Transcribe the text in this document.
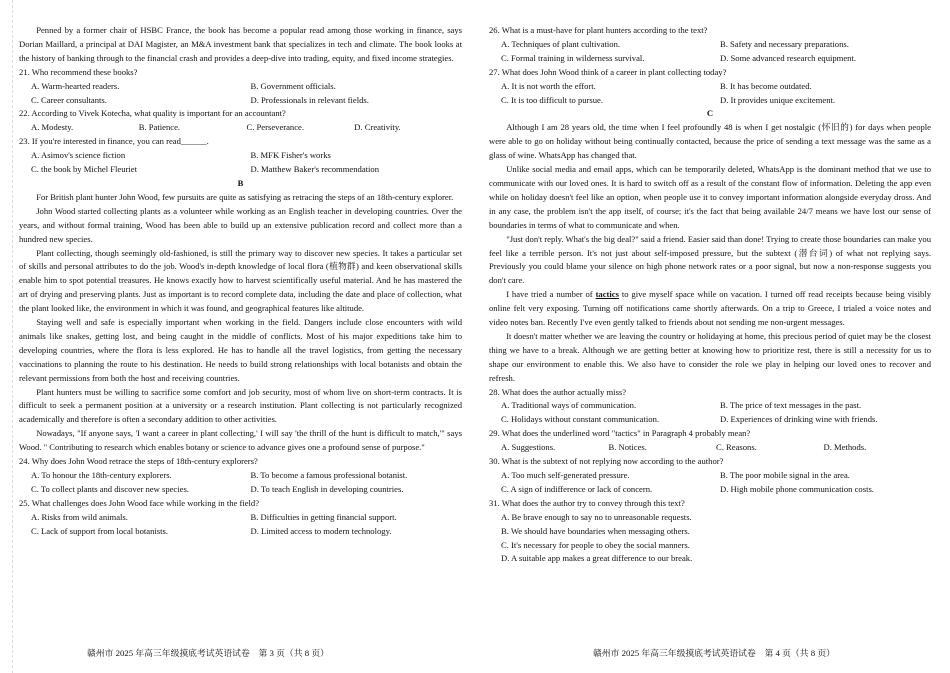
Penned by a former chair of HSBC France, the book has become a popular read among those working in finance, says Dorian Maillard, a principal at DAI Magister, an M&A investment bank that specializes in tech and climate. The book looks at the history of banking through to the financial crash and provides a deep-dive into trading, equity, and fixed income strategies.

21. Who recommend these books?

A. Warm-hearted readers.	B. Government officials.
C. Career consultants.	D. Professionals in relevant fields.

22. According to Vivek Kotecha, what quality is important for an accountant?

A. Modesty.	B. Patience.	C. Perseverance.	D. Creativity.

23. If you're interested in finance, you can read______.

A. Asimov's science fiction	B. MFK Fisher's works
C. the book by Michel Fleuriet	D. Matthew Baker's recommendation

B

For British plant hunter John Wood, few pursuits are quite as satisfying as retracing the steps of an 18th-century explorer.

John Wood started collecting plants as a volunteer while working as an English teacher in developing countries. Over the years, and without formal training, Wood has been able to build up an extensive publication record and collect more than a hundred new species.

Plant collecting, though seemingly old-fashioned, is still the primary way to discover new species. It takes a particular set of skills and personal attributes to do the job. Wood's in-depth knowledge of local flora (植物群) and keen observational skills enable him to spot potential treasures. He knows exactly how to harvest scientifically useful material. And he has mastered the art of drying and preserving plants. Just as important is to record complete data, including the date and place of collection, what the plant looked like, the environment in which it was found, and geographical features like altitude.

Staying well and safe is especially important when working in the field. Dangers include close encounters with wild animals like snakes, getting lost, and being caught in the middle of conflicts. Most of his major expeditions take him to developing countries, where the flora is less explored. He has to handle all the travel logistics, from getting the necessary vaccinations to planning the route to his destination. He needs to build strong relationships with local botanists and obtain the relevant permissions from both the host and receiving countries.

Plant hunters must be willing to sacrifice some comfort and job security, most of whom live on short-term contracts. It is difficult to seek a permanent position at a university or a research institution. Plant collecting is not particularly recognized academically and therefore is often a secondary addition to other activities.

Nowadays, "If anyone says, 'I want a career in plant collecting,' I will say 'the thrill of the hunt is difficult to match,'" says Wood. " Contributing to research which enables botany or science to advance gives one a profound sense of purpose."

24. Why does John Wood retrace the steps of 18th-century explorers?

A. To honour the 18th-century explorers.	B. To become a famous professional botanist.
C. To collect plants and discover new species.	D. To teach English in developing countries.

25. What challenges does John Wood face while working in the field?

A. Risks from wild animals.	B. Difficulties in getting financial support.
C. Lack of support from local botanists.	D. Limited access to modern technology.

26. What is a must-have for plant hunters according to the text?

A. Techniques of plant cultivation.	B. Safety and necessary preparations.
C. Formal training in wilderness survival.	D. Some advanced research equipment.

27. What does John Wood think of a career in plant collecting today?

A. It is not worth the effort.	B. It has become outdated.
C. It is too difficult to pursue.	D. It provides unique excitement.

C

Although I am 28 years old, the time when I feel profoundly 48 is when I get nostalgic (怀旧的) for days when people were able to go on holiday without being continually contacted, because the price of sending a text message was the same as a glass of wine. WhatsApp has changed that.

Unlike social media and email apps, which can be temporarily deleted, WhatsApp is the dominant method that we use to communicate with our loved ones. It is hard to switch off as a result of the constant flow of information. Deleting the app even while on holiday doesn't feel like an option, when people use it to convey important information alongside everyday dross. And in any case, the problem isn't the app itself, of course; it's the fact that being available 24/7 means we have lost our sense of boundaries in terms of what to communicate and when.

"Just don't reply. What's the big deal?" said a friend. Easier said than done! Trying to create those boundaries can make you feel like a terrible person. It's not just about self-imposed pressure, but the subtext (潜台词) of what not replying says. Previously you could blame your silence on high phone network rates or a poor signal, but now a non-response suggests you don't care.

I have tried a number of tactics to give myself space while on vacation. I turned off read receipts because being visibly online felt very exposing. Turning off notifications came shortly afterwards. On a trip to Greece, I trialed a voice notes and video notes ban. Recently I've even gently talked to friends about not sending me non-urgent messages.

It doesn't matter whether we are leaving the country or holidaying at home, this precious period of quiet may be the closest thing we have to a break. Although we are getting better at knowing how to prioritize rest, there is still a necessity for us to shape our environment to enable this. We also have to consider the role we play in helping our loved ones to recover and refresh.

28. What does the author actually miss?

A. Traditional ways of communication.	B. The price of text messages in the past.
C. Holidays without constant communication.	D. Experiences of drinking wine with friends.

29. What does the underlined word "tactics" in Paragraph 4 probably mean?

A. Suggestions.	B. Notices.	C. Reasons.	D. Methods.

30. What is the subtext of not replying now according to the author?

A. Too much self-generated pressure.	B. The poor mobile signal in the area.
C. A sign of indifference or lack of concern.	D. High mobile phone communication costs.

31. What does the author try to convey through this text?

A. Be brave enough to say no to unreasonable requests.
B. We should have boundaries when messaging others.
C. It's necessary for people to obey the social manners.
D. A suitable app makes a great difference to our break.
赣州市 2025 年高三年级摸底考试英语试卷　第 3 页（共 8 页）	赣州市 2025 年高三年级摸底考试英语试卷　第 4 页（共 8 页）
